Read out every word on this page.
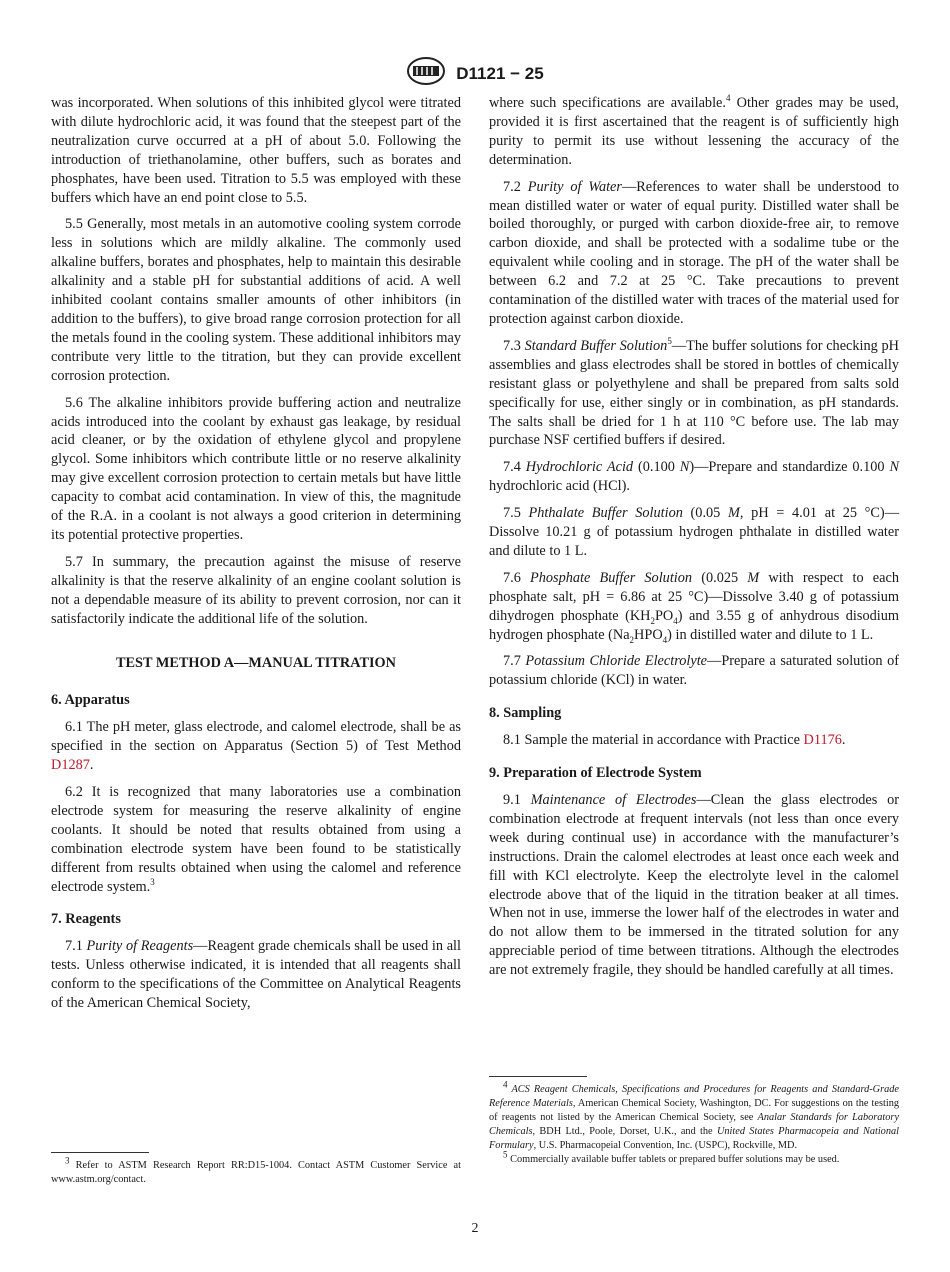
D1121 − 25

was incorporated. When solutions of this inhibited glycol were titrated with dilute hydrochloric acid, it was found that the steepest part of the neutralization curve occurred at a pH of about 5.0. Following the introduction of triethanolamine, other buffers, such as borates and phosphates, have been used. Titration to 5.5 was employed with these buffers which have an end point close to 5.5.

5.5 Generally, most metals in an automotive cooling system corrode less in solutions which are mildly alkaline. The commonly used alkaline buffers, borates and phosphates, help to maintain this desirable alkalinity and a stable pH for substantial additions of acid. A well inhibited coolant contains smaller amounts of other inhibitors (in addition to the buffers), to give broad range corrosion protection for all the metals found in the cooling system. These additional inhibitors may contribute very little to the titration, but they can provide excellent corrosion protection.

5.6 The alkaline inhibitors provide buffering action and neutralize acids introduced into the coolant by exhaust gas leakage, by residual acid cleaner, or by the oxidation of ethylene glycol and propylene glycol. Some inhibitors which contribute little or no reserve alkalinity may give excellent corrosion protection to certain metals but have little capacity to combat acid contamination. In view of this, the magnitude of the R.A. in a coolant is not always a good criterion in determining its potential protective properties.

5.7 In summary, the precaution against the misuse of reserve alkalinity is that the reserve alkalinity of an engine coolant solution is not a dependable measure of its ability to prevent corrosion, nor can it satisfactorily indicate the additional life of the solution.

TEST METHOD A—MANUAL TITRATION
6. Apparatus

6.1 The pH meter, glass electrode, and calomel electrode, shall be as specified in the section on Apparatus (Section 5) of Test Method D1287.

6.2 It is recognized that many laboratories use a combination electrode system for measuring the reserve alkalinity of engine coolants. It should be noted that results obtained from using a combination electrode system have been found to be statistically different from results obtained when using the calomel and reference electrode system.$^3$

7. Reagents

7.1 Purity of Reagents—Reagent grade chemicals shall be used in all tests. Unless otherwise indicated, it is intended that all reagents shall conform to the specifications of the Committee on Analytical Reagents of the American Chemical Society,

$^3$ Refer to ASTM Research Report RR:D15-1004. Contact ASTM Customer Service at www.astm.org/contact.

where such specifications are available.$^4$ Other grades may be used, provided it is first ascertained that the reagent is of sufficiently high purity to permit its use without lessening the accuracy of the determination.

7.2 Purity of Water—References to water shall be understood to mean distilled water or water of equal purity. Distilled water shall be boiled thoroughly, or purged with carbon dioxide-free air, to remove carbon dioxide, and shall be protected with a sodalime tube or the equivalent while cooling and in storage. The pH of the water shall be between 6.2 and 7.2 at 25 °C. Take precautions to prevent contamination of the distilled water with traces of the material used for protection against carbon dioxide.

7.3 Standard Buffer Solution$^5$—The buffer solutions for checking pH assemblies and glass electrodes shall be stored in bottles of chemically resistant glass or polyethylene and shall be prepared from salts sold specifically for use, either singly or in combination, as pH standards. The salts shall be dried for 1 h at 110 °C before use. The lab may purchase NSF certified buffers if desired.

7.4 Hydrochloric Acid (0.100 N)—Prepare and standardize 0.100 N hydrochloric acid (HCl).

7.5 Phthalate Buffer Solution (0.05 M, pH = 4.01 at 25 °C)—Dissolve 10.21 g of potassium hydrogen phthalate in distilled water and dilute to 1 L.

7.6 Phosphate Buffer Solution (0.025 M with respect to each phosphate salt, pH = 6.86 at 25 °C)—Dissolve 3.40 g of potassium dihydrogen phosphate $(KH_2PO_4)$ and 3.55 g of anhydrous disodium hydrogen phosphate $(Na_2HPO_4)$ in distilled water and dilute to 1 L.

7.7 Potassium Chloride Electrolyte—Prepare a saturated solution of potassium chloride (KCl) in water.

8. Sampling

8.1 Sample the material in accordance with Practice D1176.

9. Preparation of Electrode System

9.1 Maintenance of Electrodes—Clean the glass electrodes or combination electrode at frequent intervals (not less than once every week during continual use) in accordance with the manufacturer’s instructions. Drain the calomel electrodes at least once each week and fill with KCl electrolyte. Keep the electrolyte level in the calomel electrode above that of the liquid in the titration beaker at all times. When not in use, immerse the lower half of the electrodes in water and do not allow them to be immersed in the titrated solution for any appreciable period of time between titrations. Although the electrodes are not extremely fragile, they should be handled carefully at all times.

$^4$ ACS Reagent Chemicals, Specifications and Procedures for Reagents and Standard-Grade Reference Materials, American Chemical Society, Washington, DC. For suggestions on the testing of reagents not listed by the American Chemical Society, see Analar Standards for Laboratory Chemicals, BDH Ltd., Poole, Dorset, U.K., and the United States Pharmacopeia and National Formulary, U.S. Pharmacopeial Convention, Inc. (USPC), Rockville, MD.

$^5$ Commercially available buffer tablets or prepared buffer solutions may be used.

2
